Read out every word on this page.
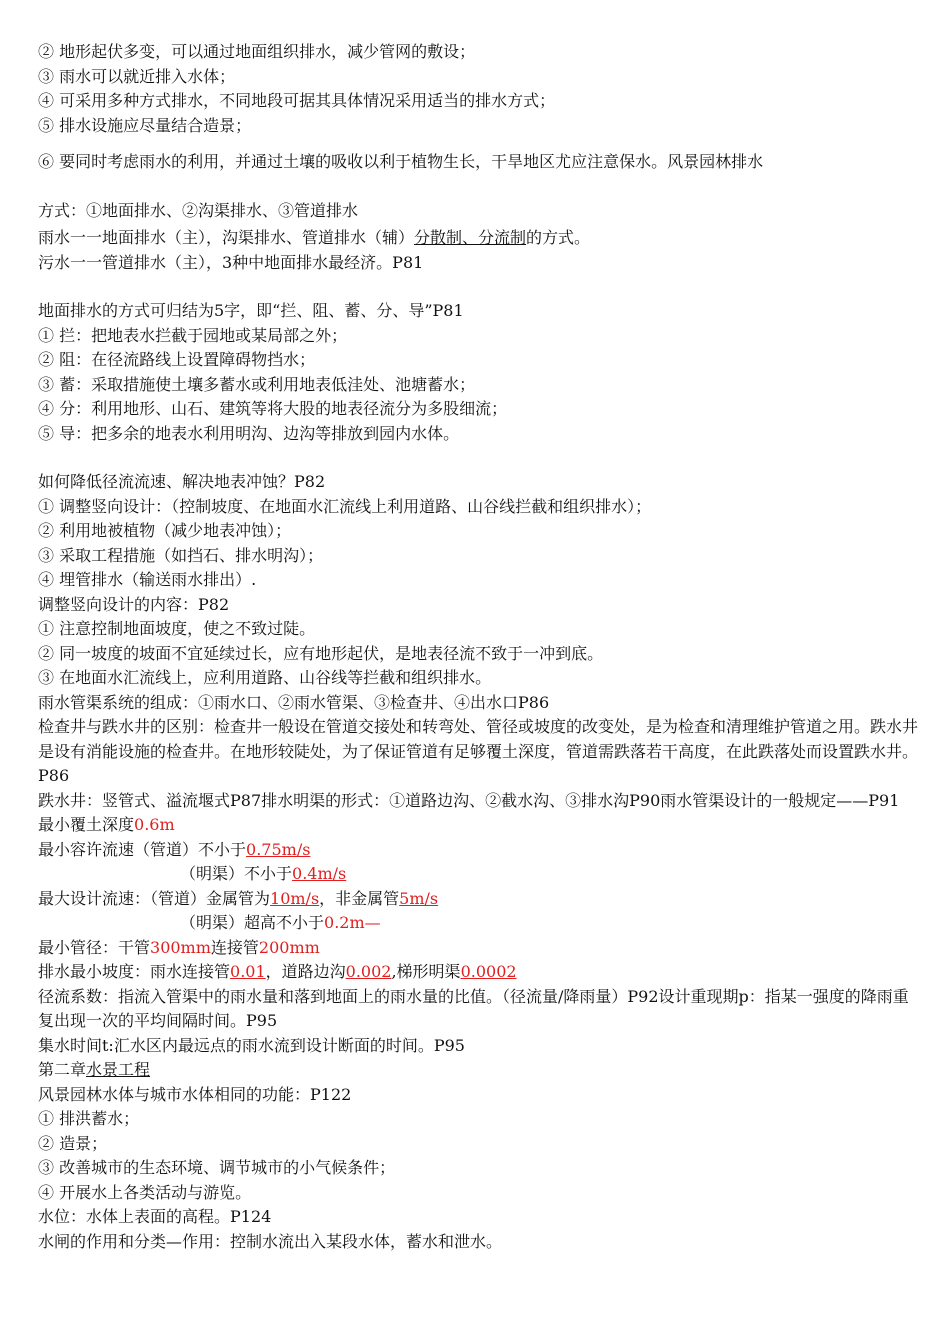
② 地形起伏多变，可以通过地面组织排水，减少管网的敷设；
③ 雨水可以就近排入水体；
④ 可采用多种方式排水，不同地段可据其具体情况采用适当的排水方式；
⑤ 排水设施应尽量结合造景；
⑥ 要同时考虑雨水的利用，并通过土壤的吸收以利于植物生长，干旱地区尤应注意保水。风景园林排水
方式：①地面排水、②沟渠排水、③管道排水
雨水一一地面排水（主），沟渠排水、管道排水（辅）分散制、分流制的方式。
污水一一管道排水（主），3种中地面排水最经济。P81
地面排水的方式可归结为5字，即“拦、阻、蓄、分、导”P81
① 拦：把地表水拦截于园地或某局部之外；
② 阻：在径流路线上设置障碍物挡水；
③ 蓄：采取措施使土壤多蓄水或利用地表低洼处、池塘蓄水；
④ 分：利用地形、山石、建筑等将大股的地表径流分为多股细流；
⑤ 导：把多余的地表水利用明沟、边沟等排放到园内水体。
如何降低径流流速、解决地表冲蚀？P82
① 调整竖向设计：（控制坡度、在地面水汇流线上利用道路、山谷线拦截和组织排水）；
② 利用地被植物（减少地表冲蚀）；
③ 采取工程措施（如挡石、排水明沟）；
④ 埋管排水（输送雨水排出）.
调整竖向设计的内容：P82
① 注意控制地面坡度，使之不致过陡。
② 同一坡度的坡面不宜延续过长，应有地形起伏，是地表径流不致于一冲到底。
③ 在地面水汇流线上，应利用道路、山谷线等拦截和组织排水。
雨水管渠系统的组成：①雨水口、②雨水管渠、③检查井、④出水口P86
检查井与跌水井的区别：检查井一般设在管道交接处和转弯处、管径或坡度的改变处，是为检查和清理维护管道之用。跌水井是设有消能设施的检查井。在地形较陡处，为了保证管道有足够覆土深度，管道需跌落若干高度，在此跌落处而设置跌水井。P86
跌水井：竖管式、溢流堰式P87排水明渠的形式：①道路边沟、②截水沟、③排水沟P90雨水管渠设计的一般规定——P91
最小覆土深度0.6m
最小容许流速（管道）不小于0.75m/s
（明渠）不小于0.4m/s
最大设计流速：（管道）金属管为10m/s，非金属管5m/s
（明渠）超高不小于0.2m—
最小管径：干管300mm连接管200mm
排水最小坡度：雨水连接管0.01，道路边沟0.002,梯形明渠0.0002
径流系数：指流入管渠中的雨水量和落到地面上的雨水量的比值。（径流量/降雨量）P92设计重现期p：指某一强度的降雨重复出现一次的平均间隔时间。P95
集水时间t:汇水区内最远点的雨水流到设计断面的时间。P95
第二章水景工程
风景园林水体与城市水体相同的功能：P122
① 排洪蓄水；
② 造景；
③ 改善城市的生态环境、调节城市的小气候条件；
④ 开展水上各类活动与游览。
水位：水体上表面的高程。P124
水闸的作用和分类—作用：控制水流出入某段水体，蓄水和泄水。
